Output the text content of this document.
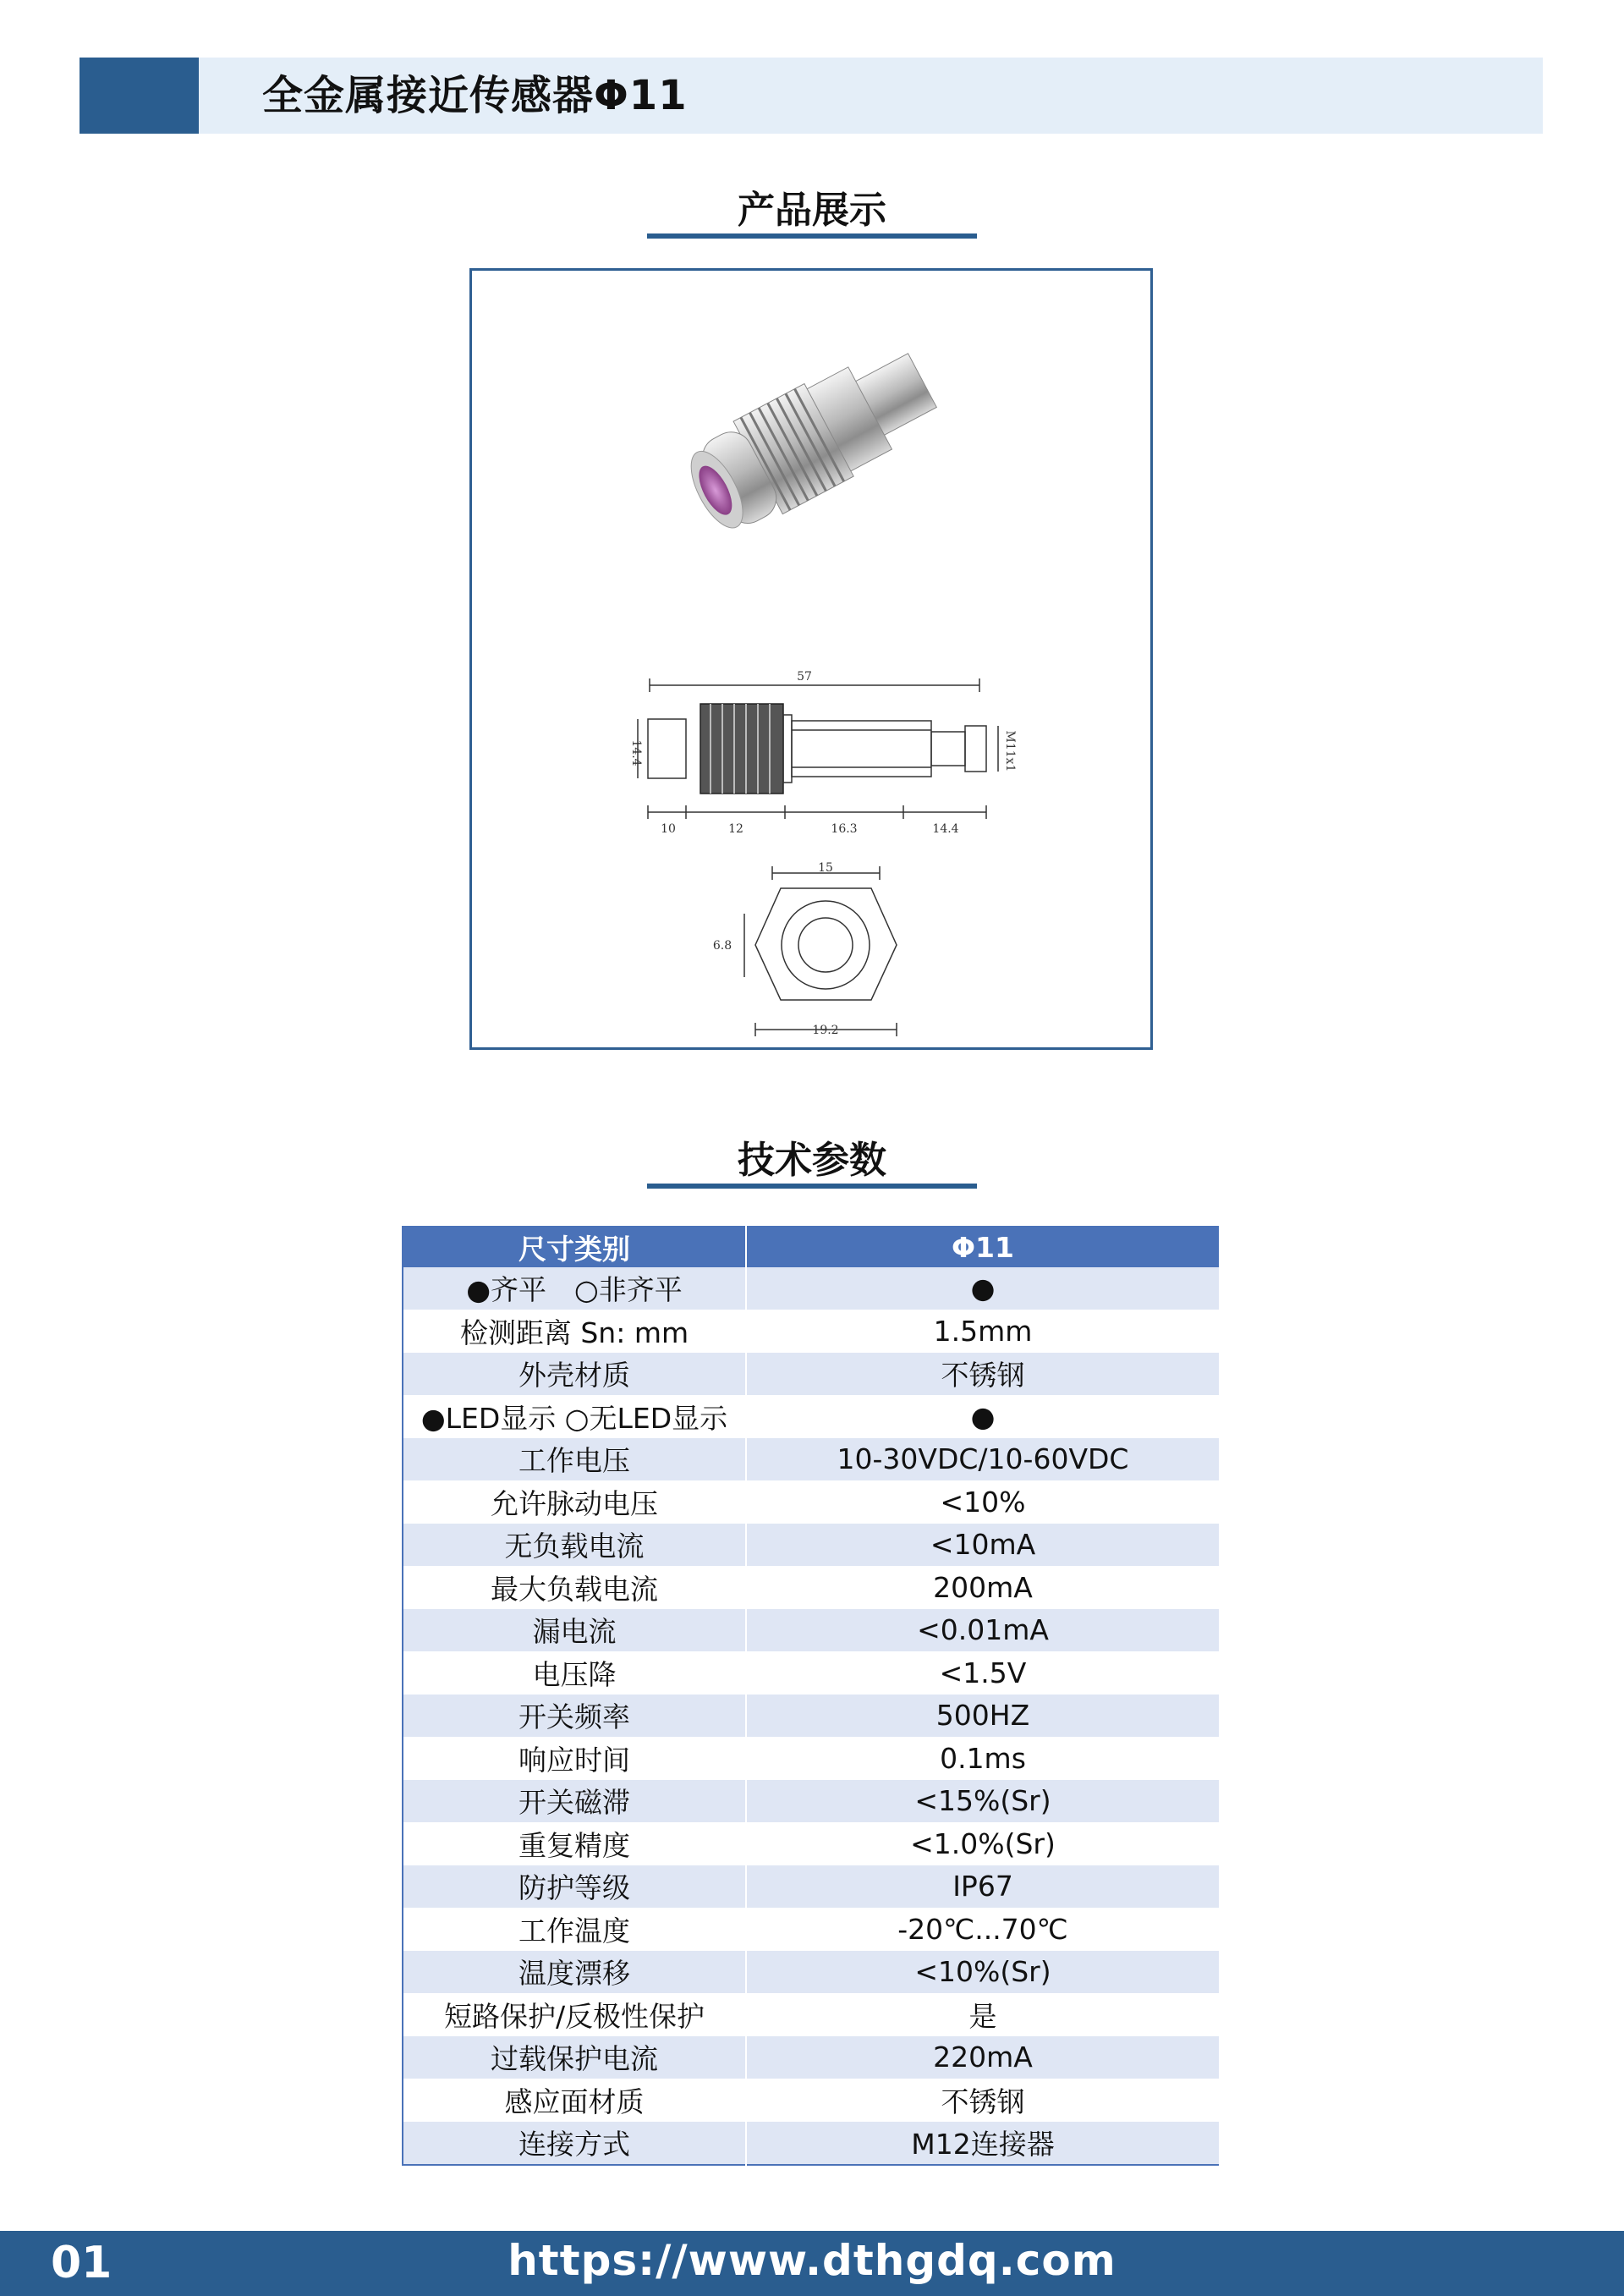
全金属接近传感器Φ11
产品展示
57
10	12	16.3	14.4
14.4	M11x1
15
6.8
19.2
技术参数
尺寸类别	Φ11
●齐平　○非齐平	●
检测距离 Sn: mm	1.5mm
外壳材质	不锈钢
●LED显示 ○无LED显示	●
工作电压	10-30VDC/10-60VDC
允许脉动电压	<10%
无负载电流	<10mA
最大负载电流	200mA
漏电流	<0.01mA
电压降	<1.5V
开关频率	500HZ
响应时间	0.1ms
开关磁滞	<15%(Sr)
重复精度	<1.0%(Sr)
防护等级	IP67
工作温度	-20℃...70℃
温度漂移	<10%(Sr)
短路保护/反极性保护	是
过载保护电流	220mA
感应面材质	不锈钢
连接方式	M12连接器
01	https://www.dthgdq.com
